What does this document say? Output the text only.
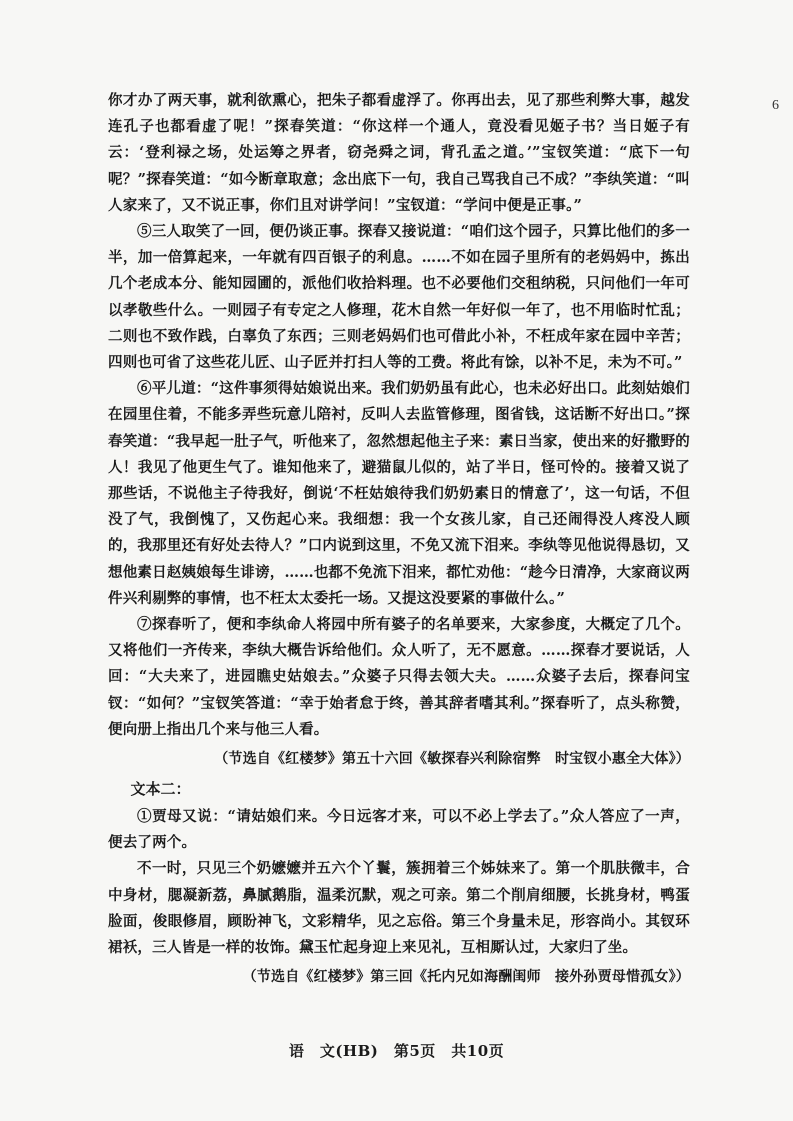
6

你才办了两天事，就利欲熏心，把朱子都看虚浮了。你再出去，见了那些利弊大事，越发连孔子也都看虚了呢！”探春笑道：“你这样一个通人，竟没看见姬子书？当日姬子有云：‘登利禄之场，处运筹之界者，窃尧舜之词，背孔孟之道。’”宝钗笑道：“底下一句呢？”探春笑道：“如今断章取意；念出底下一句，我自己骂我自己不成？”李纨笑道：“叫人家来了，又不说正事，你们且对讲学问！”宝钗道：“学问中便是正事。”

⑤三人取笑了一回，便仍谈正事。探春又接说道：“咱们这个园子，只算比他们的多一半，加一倍算起来，一年就有四百银子的利息。……不如在园子里所有的老妈妈中，拣出几个老成本分、能知园圃的，派他们收拾料理。也不必要他们交租纳税，只问他们一年可以孝敬些什么。一则园子有专定之人修理，花木自然一年好似一年了，也不用临时忙乱；二则也不致作践，白辜负了东西；三则老妈妈们也可借此小补，不枉成年家在园中辛苦；四则也可省了这些花儿匠、山子匠并打扫人等的工费。将此有馀，以补不足，未为不可。”

⑥平儿道：“这件事须得姑娘说出来。我们奶奶虽有此心，也未必好出口。此刻姑娘们在园里住着，不能多弄些玩意儿陪衬，反叫人去监管修理，图省钱，这话断不好出口。”探春笑道：“我早起一肚子气，听他来了，忽然想起他主子来：素日当家，使出来的好撒野的人！我见了他更生气了。谁知他来了，避猫鼠儿似的，站了半日，怪可怜的。接着又说了那些话，不说他主子待我好，倒说‘不枉姑娘待我们奶奶素日的情意了’，这一句话，不但没了气，我倒愧了，又伤起心来。我细想：我一个女孩儿家，自己还闹得没人疼没人顾的，我那里还有好处去待人？”口内说到这里，不免又流下泪来。李纨等见他说得恳切，又想他素日赵姨娘每生诽谤，……也都不免流下泪来，都忙劝他：“趁今日清净，大家商议两件兴利剔弊的事情，也不枉太太委托一场。又提这没要紧的事做什么。”

⑦探春听了，便和李纨命人将园中所有婆子的名单要来，大家参度，大概定了几个。又将他们一齐传来，李纨大概告诉给他们。众人听了，无不愿意。……探春才要说话，人回：“大夫来了，进园瞧史姑娘去。”众婆子只得去领大夫。……众婆子去后，探春问宝钗：“如何？”宝钗笑答道：“幸于始者怠于终，善其辞者嗜其利。”探春听了，点头称赞，便向册上指出几个来与他三人看。

（节选自《红楼梦》第五十六回《敏探春兴利除宿弊　时宝钗小惠全大体》）

文本二：

①贾母又说：“请姑娘们来。今日远客才来，可以不必上学去了。”众人答应了一声，便去了两个。

不一时，只见三个奶嬷嬷并五六个丫鬟，簇拥着三个姊妹来了。第一个肌肤微丰，合中身材，腮凝新荔，鼻腻鹅脂，温柔沉默，观之可亲。第二个削肩细腰，长挑身材，鸭蛋脸面，俊眼修眉，顾盼神飞，文彩精华，见之忘俗。第三个身量未足，形容尚小。其钗环裙袄，三人皆是一样的妆饰。黛玉忙起身迎上来见礼，互相厮认过，大家归了坐。

（节选自《红楼梦》第三回《托内兄如海酬闺师　接外孙贾母惜孤女》）

语　文(HB)　第5页　共10页
